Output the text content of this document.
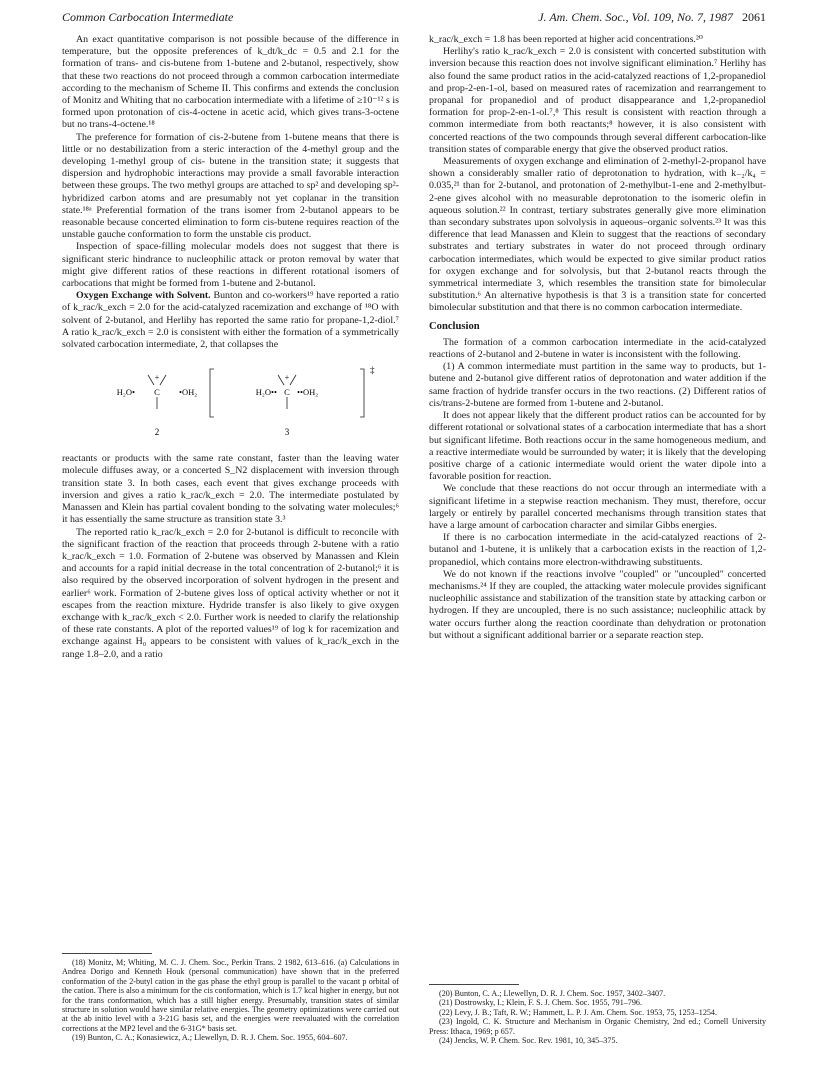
Common Carbocation Intermediate	J. Am. Chem. Soc., Vol. 109, No. 7, 1987 2061

An exact quantitative comparison is not possible because of the difference in temperature, but the opposite preferences of k_dt/k_dc = 0.5 and 2.1 for the formation of trans- and cis-butene from 1-butene and 2-butanol, respectively, show that these two reactions do not proceed through a common carbocation intermediate according to the mechanism of Scheme II. This confirms and extends the conclusion of Monitz and Whiting that no carbocation intermediate with a lifetime of ≥10⁻¹² s is formed upon protonation of cis-4-octene in acetic acid, which gives trans-3-octene but no trans-4-octene.¹⁸

The preference for formation of cis-2-butene from 1-butene means that there is little or no destabilization from a steric interaction of the 4-methyl group and the developing 1-methyl group of cis- butene in the transition state; it suggests that dispersion and hydrophobic interactions may provide a small favorable interaction between these groups. The two methyl groups are attached to sp² and developing sp²-hybridized carbon atoms and are presumably not yet coplanar in the transition state.¹⁸ᵃ Preferential formation of the trans isomer from 2-butanol appears to be reasonable because concerted elimination to form cis-butene requires reaction of the unstable gauche conformation to form the unstable cis product.

Inspection of space-filling molecular models does not suggest that there is significant steric hindrance to nucleophilic attack or proton removal by water that might give different ratios of these reactions in different rotational isomers of carbocations that might be formed from 1-butene and 2-butanol.

Oxygen Exchange with Solvent. Bunton and co-workers¹⁹ have reported a ratio of k_rac/k_exch = 2.0 for the acid-catalyzed racemization and exchange of ¹⁸O with solvent of 2-butanol, and Herlihy has reported the same ratio for propane-1,2-diol.⁷ A ratio k_rac/k_exch = 2.0 is consistent with either the formation of a symmetrically solvated carbocation intermediate, 2, that collapses the

+
H₂O• C •OH₂
2
‡
+
H₂O•• C ••OH₂
3

reactants or products with the same rate constant, faster than the leaving water molecule diffuses away, or a concerted S_N2 displacement with inversion through transition state 3. In both cases, each event that gives exchange proceeds with inversion and gives a ratio k_rac/k_exch = 2.0. The intermediate postulated by Manassen and Klein has partial covalent bonding to the solvating water molecules;⁶ it has essentially the same structure as transition state 3.³

The reported ratio k_rac/k_exch = 2.0 for 2-butanol is difficult to reconcile with the significant fraction of the reaction that proceeds through 2-butene with a ratio k_rac/k_exch = 1.0. Formation of 2-butene was observed by Manassen and Klein and accounts for a rapid initial decrease in the total concentration of 2-butanol;⁶ it is also required by the observed incorporation of solvent hydrogen in the present and earlier⁶ work. Formation of 2-butene gives loss of optical activity whether or not it escapes from the reaction mixture. Hydride transfer is also likely to give oxygen exchange with k_rac/k_exch < 2.0. Further work is needed to clarify the relationship of these rate constants. A plot of the reported values¹⁹ of log k for racemization and exchange against H₀ appears to be consistent with values of k_rac/k_exch in the range 1.8–2.0, and a ratio

k_rac/k_exch = 1.8 has been reported at higher acid concentrations.²⁰

Herlihy's ratio k_rac/k_exch = 2.0 is consistent with concerted substitution with inversion because this reaction does not involve significant elimination.⁷ Herlihy has also found the same product ratios in the acid-catalyzed reactions of 1,2-propanediol and prop-2-en-1-ol, based on measured rates of racemization and rearrangement to propanal for propanediol and of product disappearance and 1,2-propanediol formation for prop-2-en-1-ol.⁷,⁸ This result is consistent with reaction through a common intermediate from both reactants;⁸ however, it is also consistent with concerted reactions of the two compounds through several different carbocation-like transition states of comparable energy that give the observed product ratios.

Measurements of oxygen exchange and elimination of 2-methyl-2-propanol have shown a considerably smaller ratio of deprotonation to hydration, with k₋₂/k₄ = 0.035,²¹ than for 2-butanol, and protonation of 2-methylbut-1-ene and 2-methylbut-2-ene gives alcohol with no measurable deprotonation to the isomeric olefin in aqueous solution.²² In contrast, tertiary substrates generally give more elimination than secondary substrates upon solvolysis in aqueous–organic solvents.²³ It was this difference that lead Manassen and Klein to suggest that the reactions of secondary substrates and tertiary substrates in water do not proceed through ordinary carbocation intermediates, which would be expected to give similar product ratios for oxygen exchange and for solvolysis, but that 2-butanol reacts through the symmetrical intermediate 3, which resembles the transition state for bimolecular substitution.⁶ An alternative hypothesis is that 3 is a transition state for concerted bimolecular substitution and that there is no common carbocation intermediate.

Conclusion

The formation of a common carbocation intermediate in the acid-catalyzed reactions of 2-butanol and 2-butene in water is inconsistent with the following.

(1) A common intermediate must partition in the same way to products, but 1-butene and 2-butanol give different ratios of deprotonation and water addition if the same fraction of hydride transfer occurs in the two reactions. (2) Different ratios of cis/trans-2-butene are formed from 1-butene and 2-butanol.

It does not appear likely that the different product ratios can be accounted for by different rotational or solvational states of a carbocation intermediate that has a short but significant lifetime. Both reactions occur in the same homogeneous medium, and a reactive intermediate would be surrounded by water; it is likely that the developing positive charge of a cationic intermediate would orient the water dipole into a favorable position for reaction.

We conclude that these reactions do not occur through an intermediate with a significant lifetime in a stepwise reaction mechanism. They must, therefore, occur largely or entirely by parallel concerted mechanisms through transition states that have a large amount of carbocation character and similar Gibbs energies.

If there is no carbocation intermediate in the acid-catalyzed reactions of 2-butanol and 1-butene, it is unlikely that a carbocation exists in the reaction of 1,2-propanediol, which contains more electron-withdrawing substituents.

We do not known if the reactions involve "coupled" or "uncoupled" concerted mechanisms.²⁴ If they are coupled, the attacking water molecule provides significant nucleophilic assistance and stabilization of the transition state by attacking carbon or hydrogen. If they are uncoupled, there is no such assistance; nucleophilic attack by water occurs further along the reaction coordinate than dehydration or protonation but without a significant additional barrier or a separate reaction step.

(18) Monitz, M; Whiting, M. C. J. Chem. Soc., Perkin Trans. 2 1982, 613–616. (a) Calculations in Andrea Dorigo and Kenneth Houk (personal communication) have shown that in the preferred conformation of the 2-butyl cation in the gas phase the ethyl group is parallel to the vacant p orbital of the cation. There is also a minimum for the cis conformation, which is 1.7 kcal higher in energy, but not for the trans conformation, which has a still higher energy. Presumably, transition states of similar structure in solution would have similar relative energies. The geometry optimizations were carried out at the ab initio level with a 3-21G basis set, and the energies were reevaluated with the correlation corrections at the MP2 level and the 6-31G* basis set.

(19) Bunton, C. A.; Konasiewicz, A.; Llewellyn, D. R. J. Chem. Soc. 1955, 604–607.

(20) Bunton, C. A.; Llewellyn, D. R. J. Chem. Soc. 1957, 3402–3407.

(21) Dostrowsky, I.; Klein, F. S. J. Chem. Soc. 1955, 791–796.

(22) Levy, J. B.; Taft, R. W.; Hammett, L. P. J. Am. Chem. Soc. 1953, 75, 1253–1254.

(23) Ingold, C. K. Structure and Mechanism in Organic Chemistry, 2nd ed.; Cornell University Press: Ithaca, 1969; p 657.

(24) Jencks, W. P. Chem. Soc. Rev. 1981, 10, 345–375.
